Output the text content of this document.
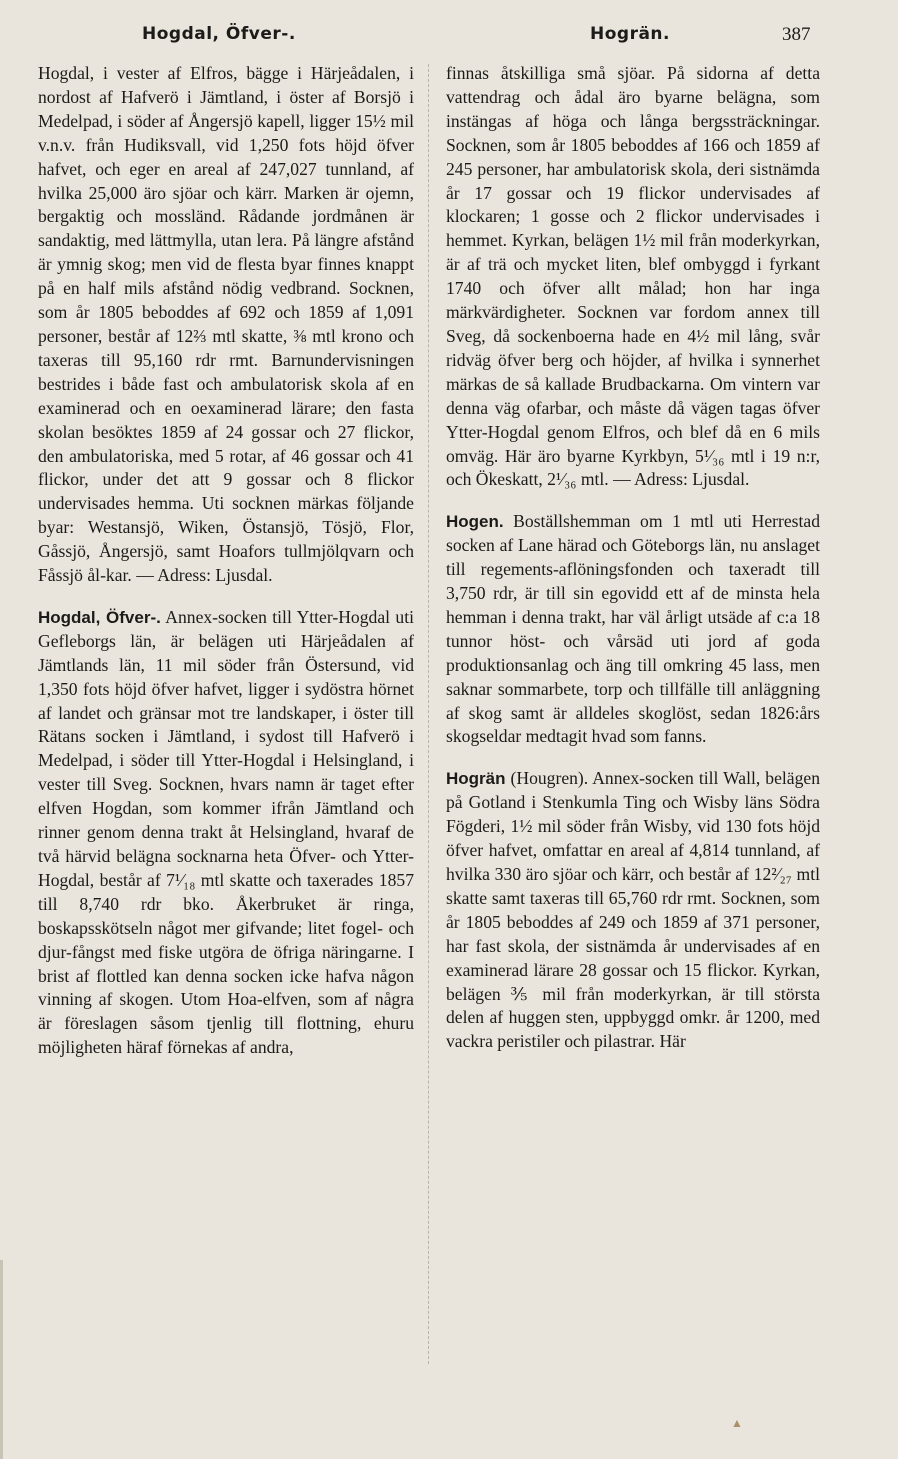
Hogdal, Öfver-.	Hogrän.	387

Hogdal, i vester af Elfros, bägge i Härjeådalen, i nordost af Hafverö i Jämtland, i öster af Borsjö i Medelpad, i söder af Ångersjö kapell, ligger 15½ mil v.n.v. från Hudiksvall, vid 1,250 fots höjd öfver hafvet, och eger en areal af 247,027 tunnland, af hvilka 25,000 äro sjöar och kärr. Marken är ojemn, bergaktig och mossländ. Rådande jordmånen är sandaktig, med lättmylla, utan lera. På längre afstånd är ymnig skog; men vid de flesta byar finnes knappt på en half mils afstånd nödig vedbrand. Socknen, som år 1805 beboddes af 692 och 1859 af 1,091 personer, består af 12⅔ mtl skatte, ⅜ mtl krono och taxeras till 95,160 rdr rmt. Barnundervisningen bestrides i både fast och ambulatorisk skola af en examinerad och en oexaminerad lärare; den fasta skolan besöktes 1859 af 24 gossar och 27 flickor, den ambulatoriska, med 5 rotar, af 46 gossar och 41 flickor, under det att 9 gossar och 8 flickor undervisades hemma. Uti socknen märkas följande byar: Westansjö, Wiken, Östansjö, Tösjö, Flor, Gåssjö, Ångersjö, samt Hoafors tullmjölqvarn och Fåssjö ål-kar. — Adress: Ljusdal.

Hogdal, Öfver-. Annex-socken till Ytter-Hogdal uti Gefleborgs län, är belägen uti Härjeådalen af Jämtlands län, 11 mil söder från Östersund, vid 1,350 fots höjd öfver hafvet, ligger i sydöstra hörnet af landet och gränsar mot tre landskaper, i öster till Rätans socken i Jämtland, i sydost till Hafverö i Medelpad, i söder till Ytter-Hogdal i Helsingland, i vester till Sveg. Socknen, hvars namn är taget efter elfven Hogdan, som kommer ifrån Jämtland och rinner genom denna trakt åt Helsingland, hvaraf de två härvid belägna socknarna heta Öfver- och Ytter-Hogdal, består af 7¹⁄₁₈ mtl skatte och taxerades 1857 till 8,740 rdr bko. Åkerbruket är ringa, boskapsskötseln något mer gifvande; litet fogel- och djur-fångst med fiske utgöra de öfriga näringarne. I brist af flottled kan denna socken icke hafva någon vinning af skogen. Utom Hoa-elfven, som af några är föreslagen såsom tjenlig till flottning, ehuru möjligheten häraf förnekas af andra,

finnas åtskilliga små sjöar. På sidorna af detta vattendrag och ådal äro byarne belägna, som instängas af höga och långa bergssträckningar. Socknen, som år 1805 beboddes af 166 och 1859 af 245 personer, har ambulatorisk skola, deri sistnämda år 17 gossar och 19 flickor undervisades af klockaren; 1 gosse och 2 flickor undervisades i hemmet. Kyrkan, belägen 1½ mil från moderkyrkan, är af trä och mycket liten, blef ombyggd i fyrkant 1740 och öfver allt målad; hon har inga märkvärdigheter. Socknen var fordom annex till Sveg, då sockenboerna hade en 4½ mil lång, svår ridväg öfver berg och höjder, af hvilka i synnerhet märkas de så kallade Brudbackarna. Om vintern var denna väg ofarbar, och måste då vägen tagas öfver Ytter-Hogdal genom Elfros, och blef då en 6 mils omväg. Här äro byarne Kyrkbyn, 5¹⁄₃₆ mtl i 19 n:r, och Ökeskatt, 2¹⁄₃₆ mtl. — Adress: Ljusdal.

Hogen. Boställshemman om 1 mtl uti Herrestad socken af Lane härad och Göteborgs län, nu anslaget till regements-aflöningsfonden och taxeradt till 3,750 rdr, är till sin egovidd ett af de minsta hela hemman i denna trakt, har väl årligt utsäde af c:a 18 tunnor höst- och vårsäd uti jord af goda produktionsanlag och äng till omkring 45 lass, men saknar sommarbete, torp och tillfälle till anläggning af skog samt är alldeles skoglöst, sedan 1826:års skogseldar medtagit hvad som fanns.

Hogrän (Hougren). Annex-socken till Wall, belägen på Gotland i Stenkumla Ting och Wisby läns Södra Fögderi, 1½ mil söder från Wisby, vid 130 fots höjd öfver hafvet, omfattar en areal af 4,814 tunnland, af hvilka 330 äro sjöar och kärr, och består af 12²⁄₂₇ mtl skatte samt taxeras till 65,760 rdr rmt. Socknen, som år 1805 beboddes af 249 och 1859 af 371 personer, har fast skola, der sistnämda år undervisades af en examinerad lärare 28 gossar och 15 flickor. Kyrkan, belägen ⅗ mil från moderkyrkan, är till största delen af huggen sten, uppbyggd omkr. år 1200, med vackra peristiler och pilastrar. Här

▲
